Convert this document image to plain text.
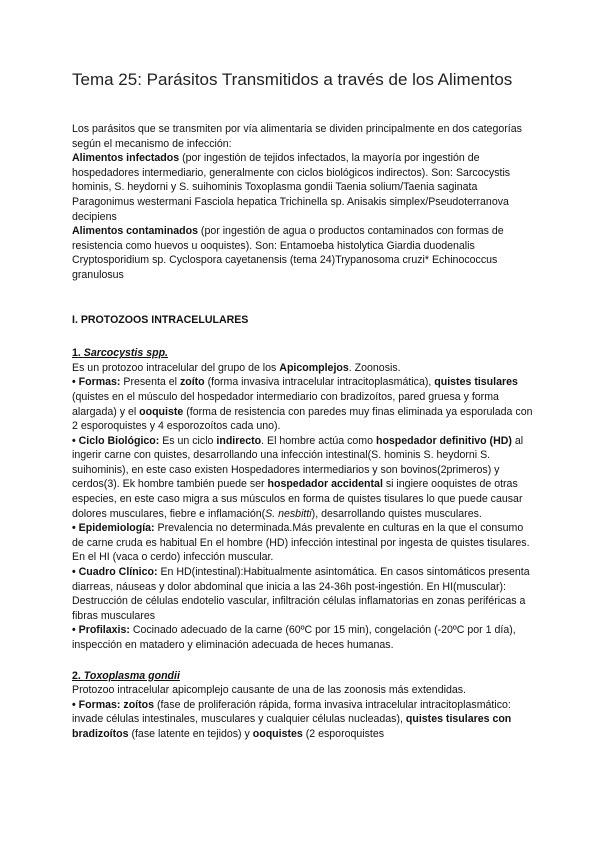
Tema 25: Parásitos Transmitidos a través de los Alimentos

Los parásitos que se transmiten por vía alimentaria se dividen principalmente en dos categorías según el mecanismo de infección:
Alimentos infectados (por ingestión de tejidos infectados, la mayoría por ingestión de hospedadores intermediario, generalmente con ciclos biológicos indirectos). Son: Sarcocystis hominis, S. heydorni y S. suihominis Toxoplasma gondii Taenia solium/Taenia saginata Paragonimus westermani Fasciola hepatica Trichinella sp. Anisakis simplex/Pseudoterranova decipiens
Alimentos contaminados (por ingestión de agua o productos contaminados con formas de resistencia como huevos u ooquistes). Son: Entamoeba histolytica Giardia duodenalis Cryptosporidium sp. Cyclospora cayetanensis (tema 24)Trypanosoma cruzi* Echinococcus granulosus

I. PROTOZOOS INTRACELULARES

1. Sarcocystis spp.

Es un protozoo intracelular del grupo de los Apicomplejos. Zoonosis.

• Formas: Presenta el zoíto (forma invasiva intracelular intracitoplasmática), quistes tisulares (quistes en el músculo del hospedador intermediario con bradizoítos, pared gruesa y forma alargada) y el ooquiste (forma de resistencia con paredes muy finas eliminada ya esporulada con 2 esporoquistes y 4 esporozoítos cada uno).

• Ciclo Biológico: Es un ciclo indirecto. El hombre actúa como hospedador definitivo (HD) al ingerir carne con quistes, desarrollando una infección intestinal(S. hominis S. heydorni S. suihominis), en este caso existen Hospedadores intermediarios y son bovinos(2primeros) y cerdos(3). Ek hombre también puede ser hospedador accidental si ingiere ooquistes de otras especies, en este caso migra a sus músculos en forma de quistes tisulares lo que puede causar dolores musculares, fiebre e inflamación(S. nesbitti), desarrollando quistes musculares.

• Epidemiología: Prevalencia no determinada.Más prevalente en culturas en la que el consumo de carne cruda es habitual En el hombre (HD) infección intestinal por ingesta de quistes tisulares. En el HI (vaca o cerdo) infección muscular.

• Cuadro Clínico: En HD(intestinal):Habitualmente asintomática. En casos sintomáticos presenta diarreas, náuseas y dolor abdominal que inicia a las 24-36h post-ingestión. En HI(muscular): Destrucción de células endotelio vascular, infiltración células inflamatorias en zonas periféricas a fibras musculares

• Profilaxis: Cocinado adecuado de la carne (60ºC por 15 min), congelación (-20ºC por 1 día), inspección en matadero y eliminación adecuada de heces humanas.

2. Toxoplasma gondii

Protozoo intracelular apicomplejo causante de una de las zoonosis más extendidas.

• Formas: zoítos (fase de proliferación rápida, forma invasiva intracelular intracitoplasmático: invade células intestinales, musculares y cualquier células nucleadas), quistes tisulares con bradizoítos (fase latente en tejidos) y ooquistes (2 esporoquistes
